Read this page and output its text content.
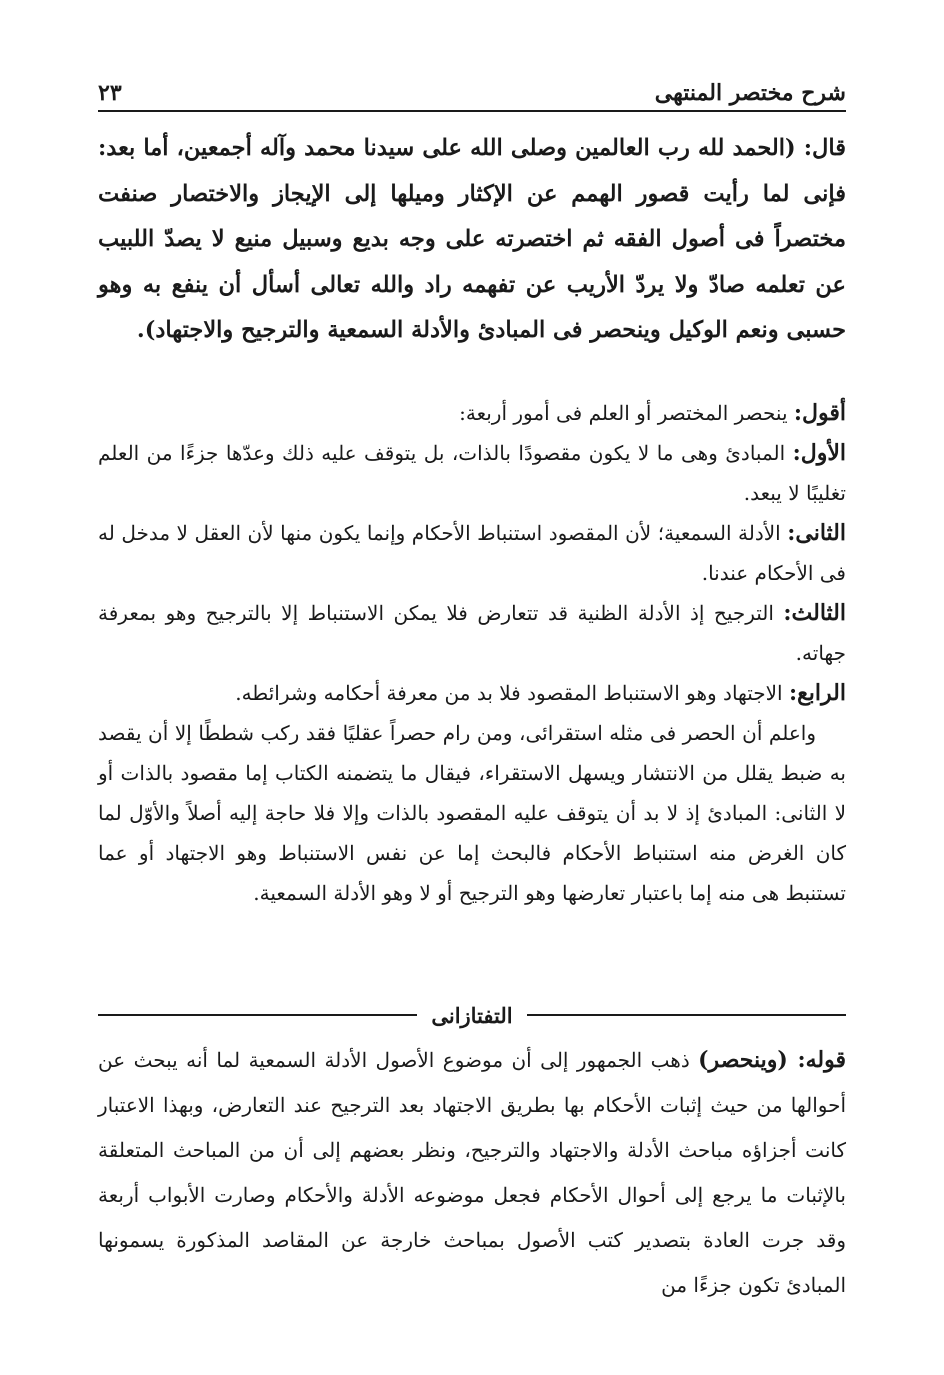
شرح مختصر المنتهى
٢٣

قال: (الحمد لله رب العالمين وصلى الله على سيدنا محمد وآله أجمعين، أما بعد: فإنى لما رأيت قصور الهمم عن الإكثار وميلها إلى الإيجاز والاختصار صنفت مختصراً فى أصول الفقه ثم اختصرته على وجه بديع وسبيل منيع لا يصدّ اللبيب عن تعلمه صادّ ولا يردّ الأريب عن تفهمه راد والله تعالى أسأل أن ينفع به وهو حسبى ونعم الوكيل وينحصر فى المبادئ والأدلة السمعية والترجيح والاجتهاد).

أقول: ينحصر المختصر أو العلم فى أمور أربعة:

الأول: المبادئ وهى ما لا يكون مقصودًا بالذات، بل يتوقف عليه ذلك وعدّها جزءًا من العلم تغليبًا لا يبعد.

الثانى: الأدلة السمعية؛ لأن المقصود استنباط الأحكام وإنما يكون منها لأن العقل لا مدخل له فى الأحكام عندنا.

الثالث: الترجيح إذ الأدلة الظنية قد تتعارض فلا يمكن الاستنباط إلا بالترجيح وهو بمعرفة جهاته.

الرابع: الاجتهاد وهو الاستنباط المقصود فلا بد من معرفة أحكامه وشرائطه.

واعلم أن الحصر فى مثله استقرائى، ومن رام حصراً عقليًا فقد ركب شططًا إلا أن يقصد به ضبط يقلل من الانتشار ويسهل الاستقراء، فيقال ما يتضمنه الكتاب إما مقصود بالذات أو لا الثانى: المبادئ إذ لا بد أن يتوقف عليه المقصود بالذات وإلا فلا حاجة إليه أصلاً والأوّل لما كان الغرض منه استنباط الأحكام فالبحث إما عن نفس الاستنباط وهو الاجتهاد أو عما تستنبط هى منه إما باعتبار تعارضها وهو الترجيح أو لا وهو الأدلة السمعية.

التفتازانى

قوله: (وينحصر) ذهب الجمهور إلى أن موضوع الأصول الأدلة السمعية لما أنه يبحث عن أحوالها من حيث إثبات الأحكام بها بطريق الاجتهاد بعد الترجيح عند التعارض، وبهذا الاعتبار كانت أجزاؤه مباحث الأدلة والاجتهاد والترجيح، ونظر بعضهم إلى أن من المباحث المتعلقة بالإثبات ما يرجع إلى أحوال الأحكام فجعل موضوعه الأدلة والأحكام وصارت الأبواب أربعة وقد جرت العادة بتصدير كتب الأصول بمباحث خارجة عن المقاصد المذكورة يسمونها المبادئ تكون جزءًا من
